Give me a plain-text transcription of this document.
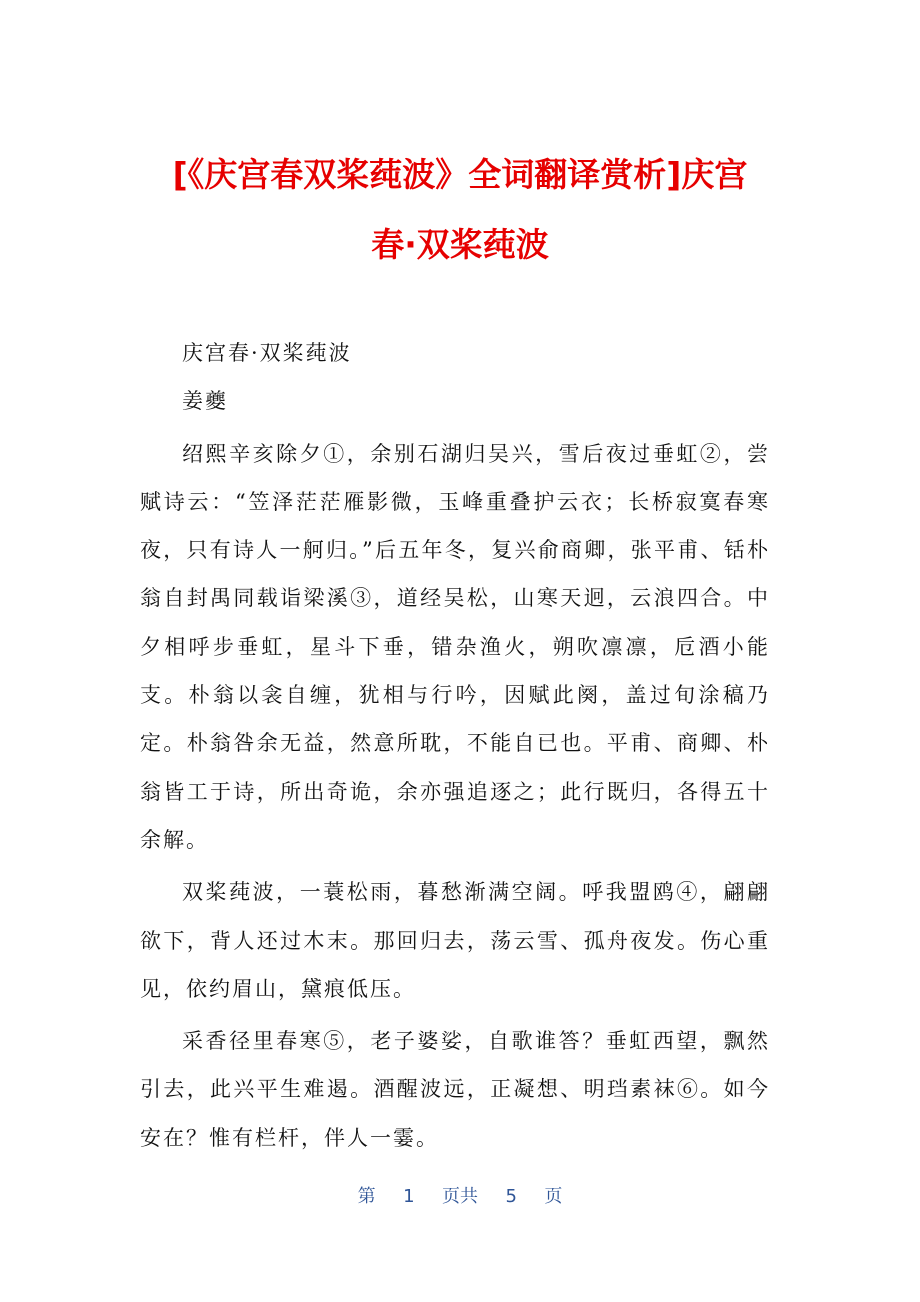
[《庆宫春双桨莼波》全词翻译赏析]庆宫
春·双桨莼波

庆宫春·双桨莼波

姜夔

绍熙辛亥除夕①，余别石湖归吴兴，雪后夜过垂虹②，尝赋诗云：“笠泽茫茫雁影微，玉峰重叠护云衣；长桥寂寞春寒夜，只有诗人一舸归。”后五年冬，复兴俞商卿，张平甫、铦朴翁自封禺同载诣梁溪③，道经吴松，山寒天迥，云浪四合。中夕相呼步垂虹，星斗下垂，错杂渔火，朔吹凛凛，卮酒小能支。朴翁以衾自缠，犹相与行吟，因赋此阕，盖过旬涂稿乃定。朴翁咎余无益，然意所耽，不能自已也。平甫、商卿、朴翁皆工于诗，所出奇诡，余亦强追逐之；此行既归，各得五十余解。

双桨莼波，一蓑松雨，暮愁渐满空阔。呼我盟鸥④，翩翩欲下，背人还过木末。那回归去，荡云雪、孤舟夜发。伤心重见，依约眉山，黛痕低压。

采香径里春寒⑤，老子婆娑，自歌谁答？垂虹西望，飘然引去，此兴平生难遏。酒醒波远，正凝想、明珰素袜⑥。如今安在？惟有栏杆，伴人一霎。

第 1 页共 5 页
